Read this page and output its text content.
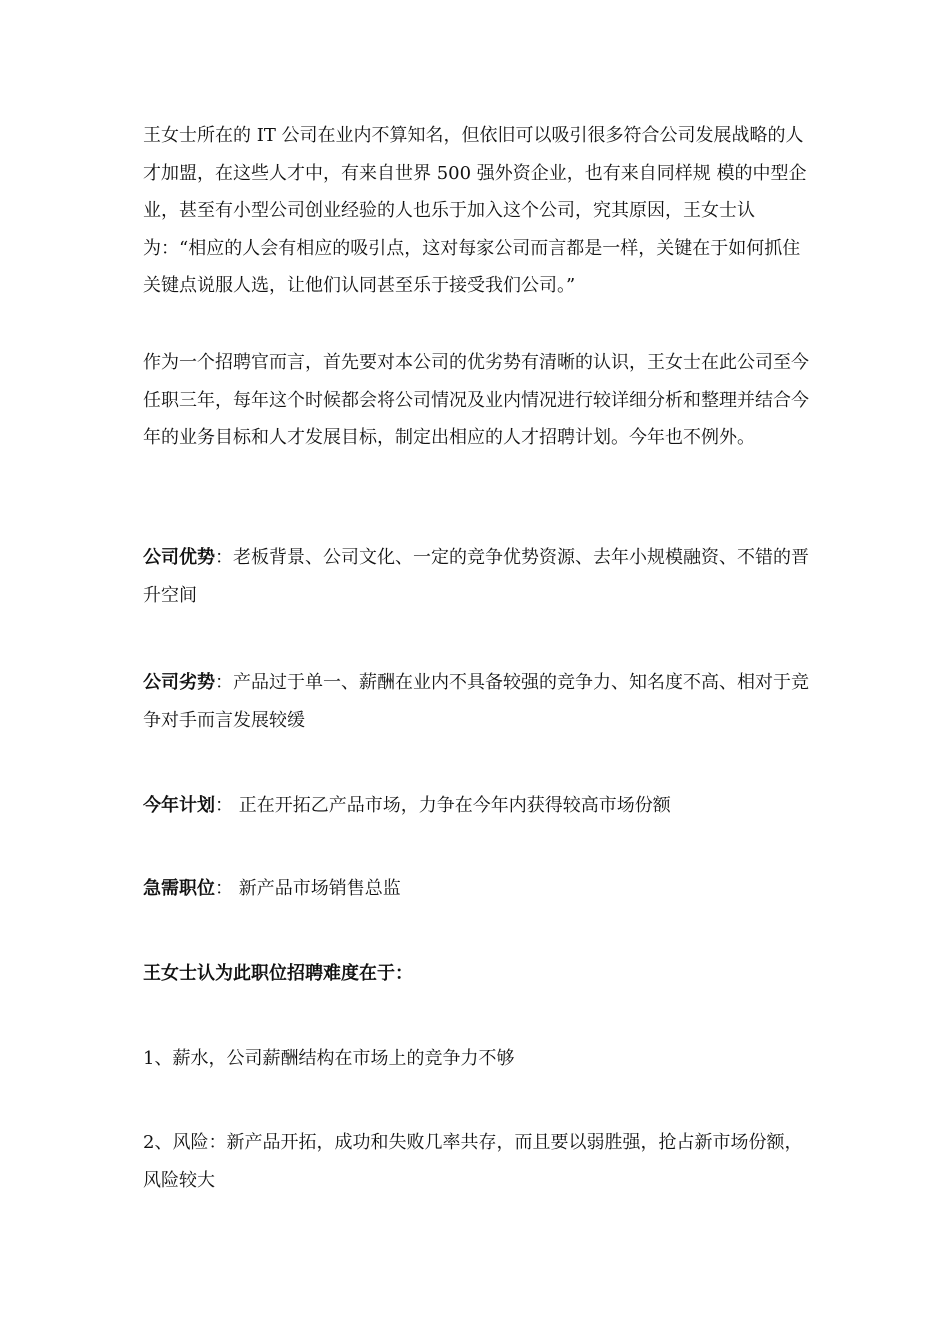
王女士所在的 IT 公司在业内不算知名，但依旧可以吸引很多符合公司发展战略的人才加盟，在这些人才中，有来自世界 500 强外资企业，也有来自同样规 模的中型企业，甚至有小型公司创业经验的人也乐于加入这个公司，究其原因，王女士认为：“相应的人会有相应的吸引点，这对每家公司而言都是一样，关键在于如何抓住关键点说服人选，让他们认同甚至乐于接受我们公司。”
作为一个招聘官而言，首先要对本公司的优劣势有清晰的认识，王女士在此公司至今任职三年，每年这个时候都会将公司情况及业内情况进行较详细分析和整理并结合今年的业务目标和人才发展目标，制定出相应的人才招聘计划。今年也不例外。
公司优势：老板背景、公司文化、一定的竞争优势资源、去年小规模融资、不错的晋升空间
公司劣势：产品过于单一、薪酬在业内不具备较强的竞争力、知名度不高、相对于竞争对手而言发展较缓
今年计划： 正在开拓乙产品市场，力争在今年内获得较高市场份额
急需职位： 新产品市场销售总监
王女士认为此职位招聘难度在于：
1、薪水，公司薪酬结构在市场上的竞争力不够
2、风险：新产品开拓，成功和失败几率共存，而且要以弱胜强，抢占新市场份额，风险较大
